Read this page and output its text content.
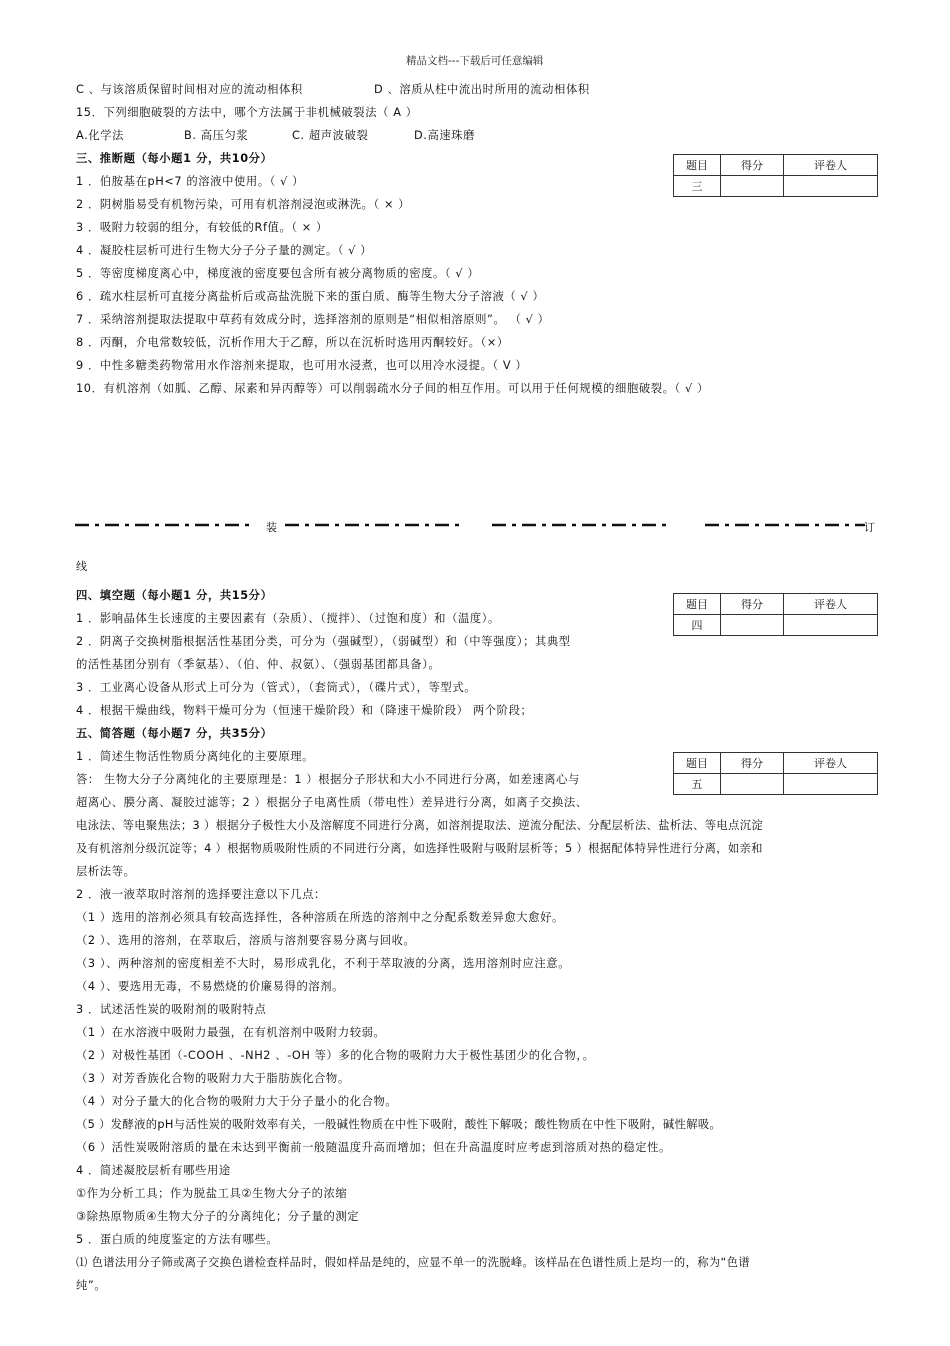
精品文档---下载后可任意编辑
C 、与该溶质保留时间相对应的流动相体积	D 、溶质从柱中流出时所用的流动相体积
15．下列细胞破裂的方法中，哪个方法属于非机械破裂法（ A ）
A.化学法	B. 高压匀浆	C. 超声波破裂	D.高速珠磨
三、推断题（每小题1 分，共10分）
题目	得分	评卷人
三		
1 ．伯胺基在pH<7 的溶液中使用。（ √ ）
2 ．阴树脂易受有机物污染，可用有机溶剂浸泡或淋洗。（ × ）
3 ．吸附力较弱的组分，有较低的Rf值。（ × ）
4 ．凝胶柱层析可进行生物大分子分子量的测定。（ √ ）
5 ．等密度梯度离心中，梯度液的密度要包含所有被分离物质的密度。（ √ ）
6 ．疏水柱层析可直接分离盐析后或高盐洗脱下来的蛋白质、酶等生物大分子溶液（ √ ）
7 ．采纳溶剂提取法提取中草药有效成分时，选择溶剂的原则是“相似相溶原则”。 （ √ ）
8 ．丙酮，介电常数较低，沉析作用大于乙醇，所以在沉析时选用丙酮较好。（×）
9 ．中性多糖类药物常用水作溶剂来提取，也可用水浸煮，也可以用冷水浸提。（ V ）
10．有机溶剂（如胍、乙醇、尿素和异丙醇等）可以削弱疏水分子间的相互作用。可以用于任何规模的细胞破裂。（ √ ）
装	订
线
四、填空题（每小题1 分，共15分）
题目	得分	评卷人
四		
1 ．影响晶体生长速度的主要因素有（杂质）、（搅拌）、（过饱和度）和（温度）。
2 ．阴离子交换树脂根据活性基团分类，可分为（强碱型），（弱碱型）和（中等强度）；其典型
的活性基团分别有（季氨基）、（伯、仲、叔氨）、（强弱基团都具备）。
3 ．工业离心设备从形式上可分为（管式），（套筒式），（碟片式），等型式。
4 ．根据干燥曲线，物料干燥可分为（恒速干燥阶段）和（降速干燥阶段） 两个阶段；
五、简答题（每小题7 分，共35分）
题目	得分	评卷人
五		
1 ．简述生物活性物质分离纯化的主要原理。
答： 生物大分子分离纯化的主要原理是：1 ）根据分子形状和大小不同进行分离，如差速离心与
超离心、膜分离、凝胶过滤等；2 ）根据分子电离性质（带电性）差异进行分离，如离子交换法、
电泳法、等电聚焦法；3 ）根据分子极性大小及溶解度不同进行分离，如溶剂提取法、逆流分配法、分配层析法、盐析法、等电点沉淀
及有机溶剂分级沉淀等；4 ）根据物质吸附性质的不同进行分离，如选择性吸附与吸附层析等；5 ）根据配体特异性进行分离，如亲和
层析法等。
2 ．液一液萃取时溶剂的选择要注意以下几点：
（1 ）选用的溶剂必须具有较高选择性，各种溶质在所选的溶剂中之分配系数差异愈大愈好。
（2 ）、选用的溶剂，在萃取后，溶质与溶剂要容易分离与回收。
（3 ）、两种溶剂的密度相差不大时，易形成乳化，不利于萃取液的分离，选用溶剂时应注意。
（4 ）、要选用无毒，不易燃烧的价廉易得的溶剂。
3 ．试述活性炭的吸附剂的吸附特点
（1 ）在水溶液中吸附力最强，在有机溶剂中吸附力较弱。
（2 ）对极性基团（-COOH 、-NH2 、-OH 等）多的化合物的吸附力大于极性基团少的化合物，。
（3 ）对芳香族化合物的吸附力大于脂肪族化合物。
（4 ）对分子量大的化合物的吸附力大于分子量小的化合物。
（5 ）发酵液的pH与活性炭的吸附效率有关，一般碱性物质在中性下吸附，酸性下解吸；酸性物质在中性下吸附，碱性解吸。
（6 ）活性炭吸附溶质的量在未达到平衡前一般随温度升高而增加；但在升高温度时应考虑到溶质对热的稳定性。
4 ．简述凝胶层析有哪些用途
①作为分析工具；作为脱盐工具②生物大分子的浓缩
③除热原物质④生物大分子的分离纯化；分子量的测定
5 ．蛋白质的纯度鉴定的方法有哪些。
⑴ 色谱法用分子筛或离子交换色谱检查样品时，假如样品是纯的，应显不单一的洗脱峰。该样品在色谱性质上是均一的，称为“色谱
纯”。
